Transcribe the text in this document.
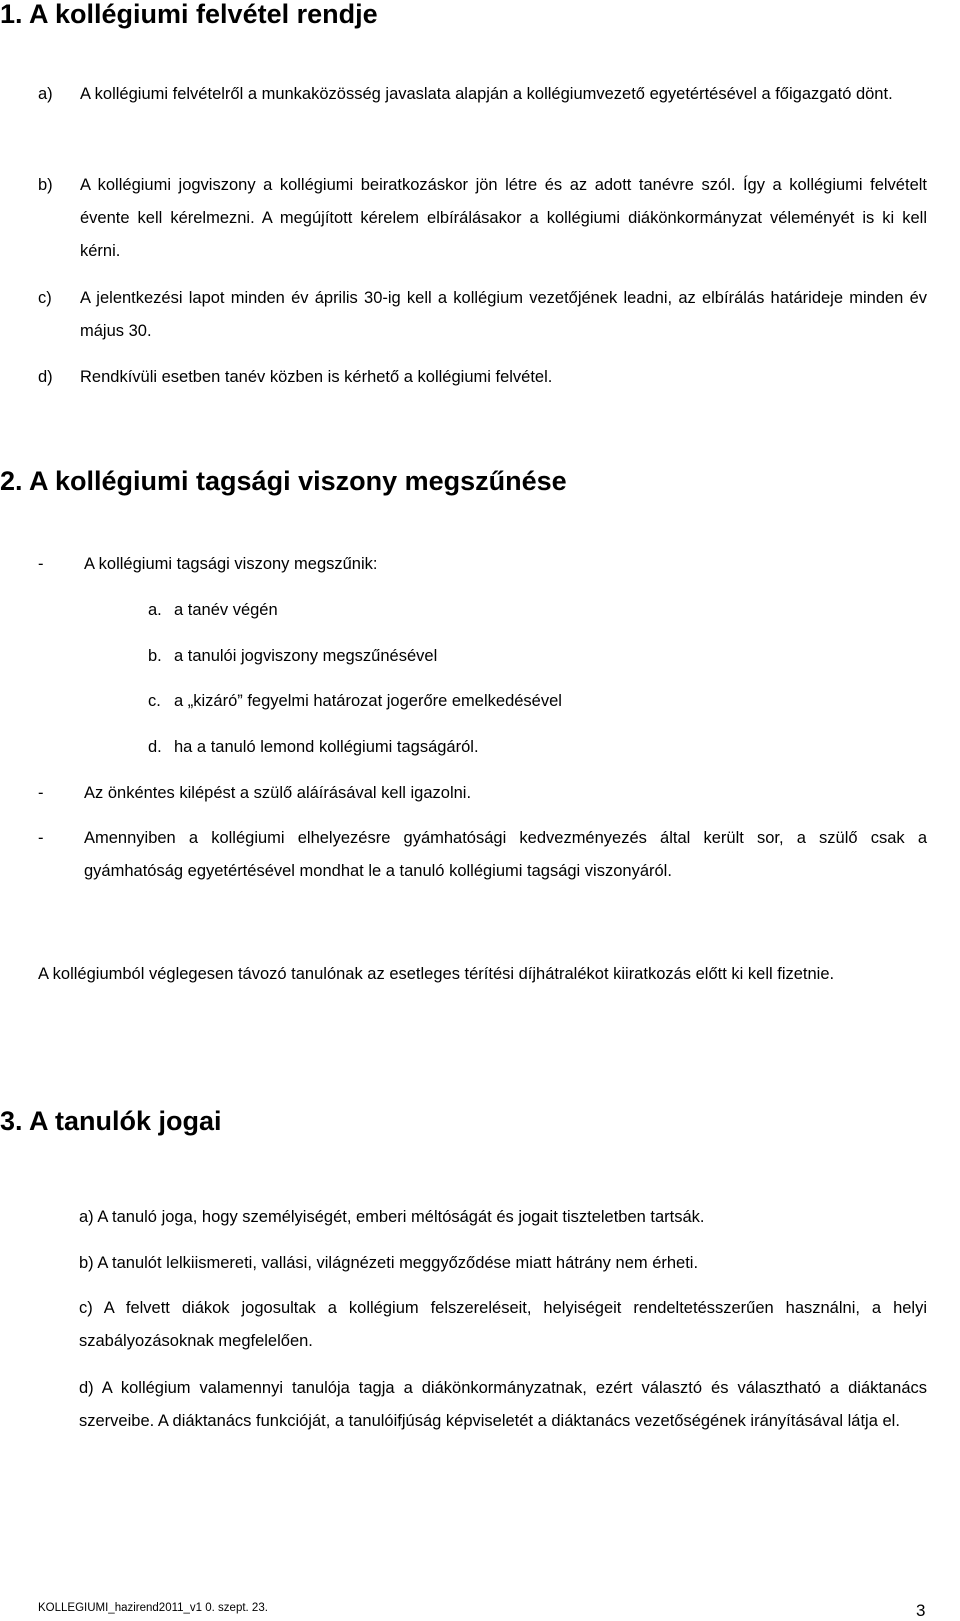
1. A kollégiumi felvétel rendje
a) A kollégiumi felvételről a munkaközösség javaslata alapján a kollégiumvezető egyetértésével a főigazgató dönt.
b) A kollégiumi jogviszony a kollégiumi beiratkozáskor jön létre és az adott tanévre szól. Így a kollégiumi felvételt évente kell kérelmezni. A megújított kérelem elbírálásakor a kollégiumi diákönkormányzat véleményét is ki kell kérni.
c) A jelentkezési lapot minden év április 30-ig kell a kollégium vezetőjének leadni, az elbírálás határideje minden év május 30.
d) Rendkívüli esetben tanév közben is kérhető a kollégiumi felvétel.
2. A kollégiumi tagsági viszony megszűnése
- A kollégiumi tagsági viszony megszűnik:
a. a tanév végén
b. a tanulói jogviszony megszűnésével
c. a „kizáró” fegyelmi határozat jogerőre emelkedésével
d. ha a tanuló lemond kollégiumi tagságáról.
- Az önkéntes kilépést a szülő aláírásával kell igazolni.
- Amennyiben a kollégiumi elhelyezésre gyámhatósági kedvezményezés által került sor, a szülő csak a gyámhatóság egyetértésével mondhat le a tanuló kollégiumi tagsági viszonyáról.
A kollégiumból véglegesen távozó tanulónak az esetleges térítési díjhátralékot kiiratkozás előtt ki kell fizetnie.
3. A tanulók jogai
a) A tanuló joga, hogy személyiségét, emberi méltóságát és jogait tiszteletben tartsák.
b) A tanulót lelkiismereti, vallási, világnézeti meggyőződése miatt hátrány nem érheti.
c) A felvett diákok jogosultak a kollégium felszereléseit, helyiségeit rendeltetésszerűen használni, a helyi szabályozásoknak megfelelően.
d) A kollégium valamennyi tanulója tagja a diákönkormányzatnak, ezért választó és választható a diáktanács szerveibe. A diáktanács funkcióját, a tanulóifjúság képviseletét a diáktanács vezetőségének irányításával látja el.
KOLLEGIUMI_hazirend2011_v1 0. szept. 23.	3
